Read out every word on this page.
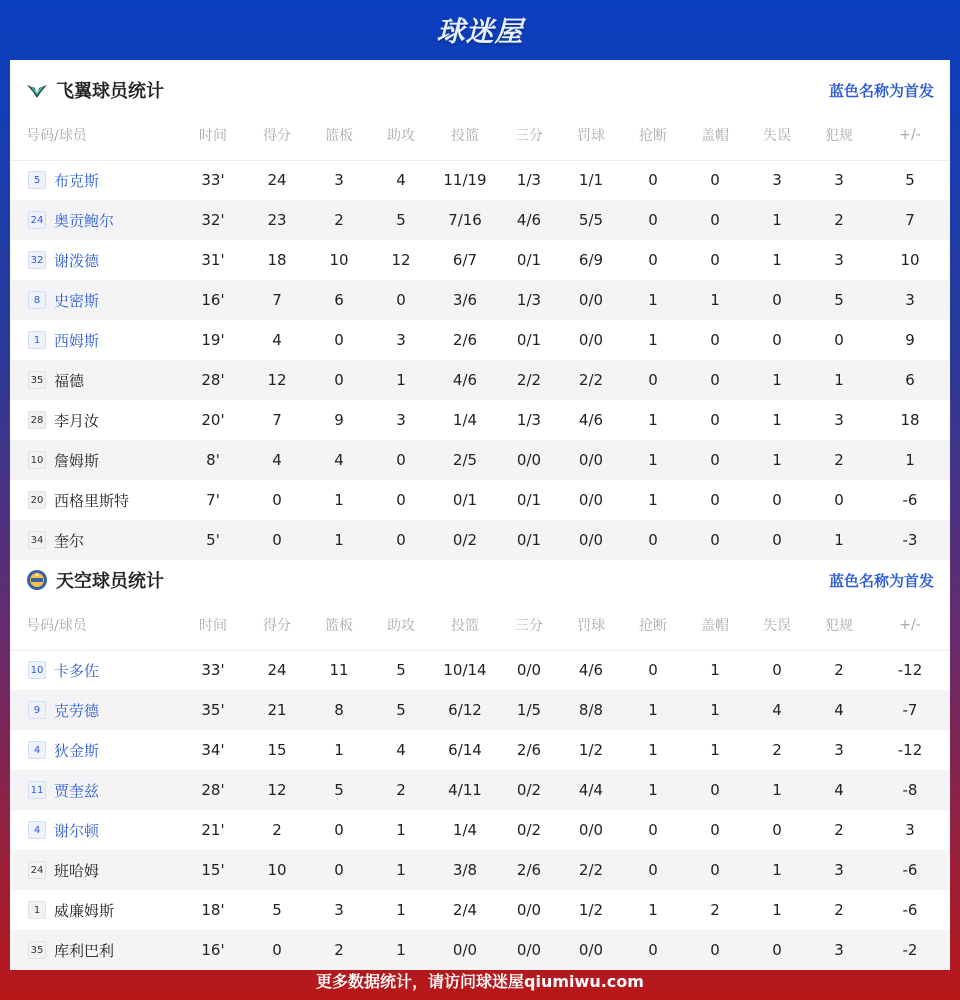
球迷屋
飞翼球员统计	蓝色名称为首发
号码/球员	时间	得分	篮板	助攻	投篮	三分	罚球	抢断	盖帽	失误	犯规	+/-
5 布克斯	33'	24	3	4	11/19	1/3	1/1	0	0	3	3	5
24 奥贡鲍尔	32'	23	2	5	7/16	4/6	5/5	0	0	1	2	7
32 谢泼德	31'	18	10	12	6/7	0/1	6/9	0	0	1	3	10
8 史密斯	16'	7	6	0	3/6	1/3	0/0	1	1	0	5	3
1 西姆斯	19'	4	0	3	2/6	0/1	0/0	1	0	0	0	9
35 福德	28'	12	0	1	4/6	2/2	2/2	0	0	1	1	6
28 李月汝	20'	7	9	3	1/4	1/3	4/6	1	0	1	3	18
10 詹姆斯	8'	4	4	0	2/5	0/0	0/0	1	0	1	2	1
20 西格里斯特	7'	0	1	0	0/1	0/1	0/0	1	0	0	0	-6
34 奎尔	5'	0	1	0	0/2	0/1	0/0	0	0	0	1	-3
天空球员统计	蓝色名称为首发
号码/球员	时间	得分	篮板	助攻	投篮	三分	罚球	抢断	盖帽	失误	犯规	+/-
10 卡多佐	33'	24	11	5	10/14	0/0	4/6	0	1	0	2	-12
9 克劳德	35'	21	8	5	6/12	1/5	8/8	1	1	4	4	-7
4 狄金斯	34'	15	1	4	6/14	2/6	1/2	1	1	2	3	-12
11 贾奎兹	28'	12	5	2	4/11	0/2	4/4	1	0	1	4	-8
4 谢尔顿	21'	2	0	1	1/4	0/2	0/0	0	0	0	2	3
24 班哈姆	15'	10	0	1	3/8	2/6	2/2	0	0	1	3	-6
1 威廉姆斯	18'	5	3	1	2/4	0/0	1/2	1	2	1	2	-6
35 库利巴利	16'	0	2	1	0/0	0/0	0/0	0	0	0	3	-2
更多数据统计，请访问球迷屋qiumiwu.com
